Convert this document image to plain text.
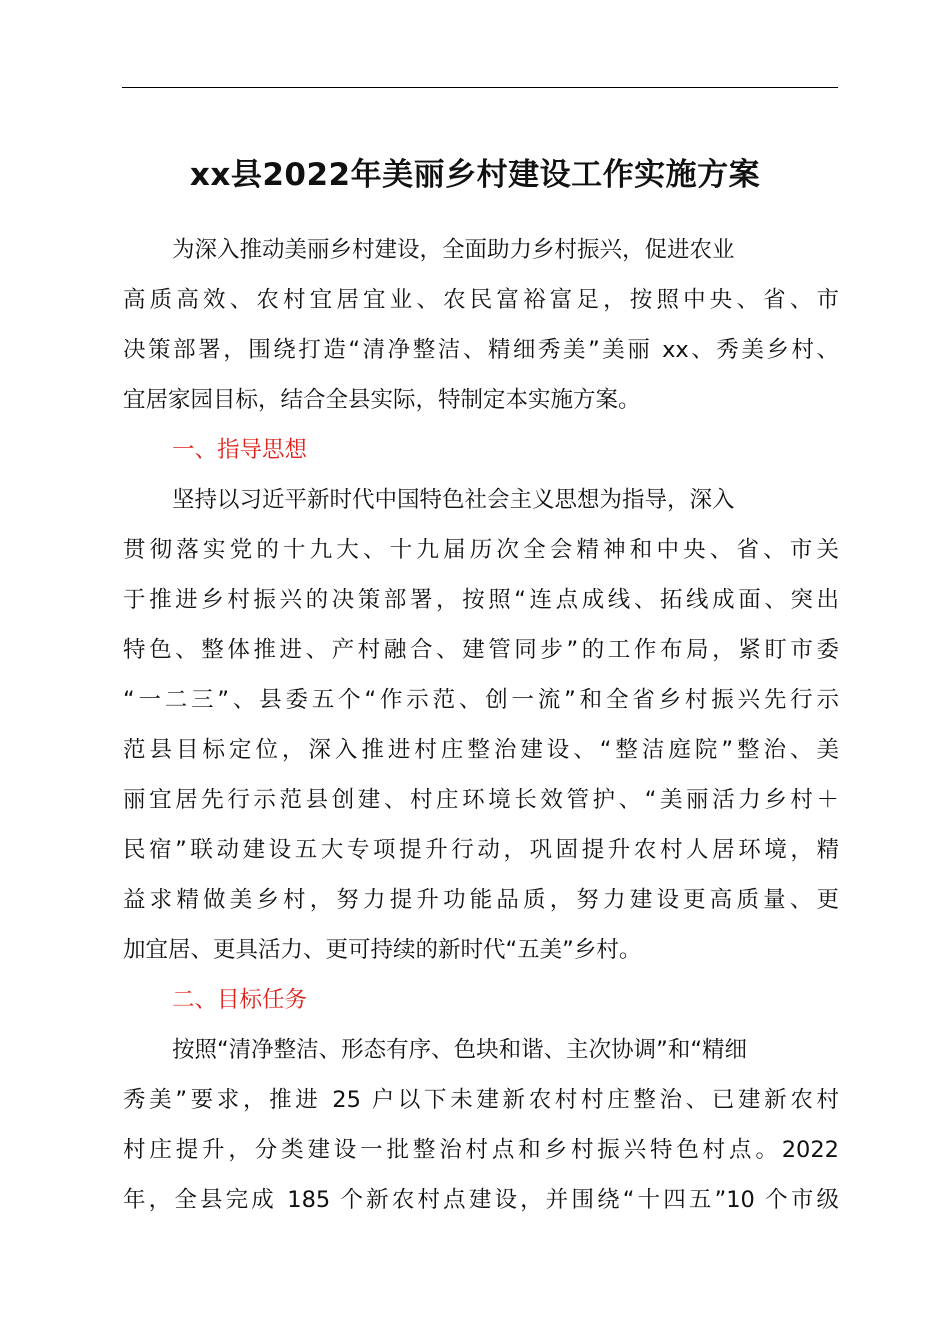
xx县2022年美丽乡村建设工作实施方案
为深入推动美丽乡村建设，全面助力乡村振兴，促进农业
高质高效、农村宜居宜业、农民富裕富足，按照中央、省、市
决策部署，围绕打造“清净整洁、精细秀美”美丽 xx、秀美乡村、
宜居家园目标，结合全县实际，特制定本实施方案。
一、指导思想
坚持以习近平新时代中国特色社会主义思想为指导，深入
贯彻落实党的十九大、十九届历次全会精神和中央、省、市关
于推进乡村振兴的决策部署，按照“连点成线、拓线成面、突出
特色、整体推进、产村融合、建管同步”的工作布局，紧盯市委
“一二三”、县委五个“作示范、创一流”和全省乡村振兴先行示
范县目标定位，深入推进村庄整治建设、“整洁庭院”整治、美
丽宜居先行示范县创建、村庄环境长效管护、“美丽活力乡村＋
民宿”联动建设五大专项提升行动，巩固提升农村人居环境，精
益求精做美乡村，努力提升功能品质，努力建设更高质量、更
加宜居、更具活力、更可持续的新时代“五美”乡村。
二、目标任务
按照“清净整洁、形态有序、色块和谐、主次协调”和“精细
秀美”要求，推进 25 户以下未建新农村村庄整治、已建新农村
村庄提升，分类建设一批整治村点和乡村振兴特色村点。2022
年，全县完成 185 个新农村点建设，并围绕“十四五”10 个市级
